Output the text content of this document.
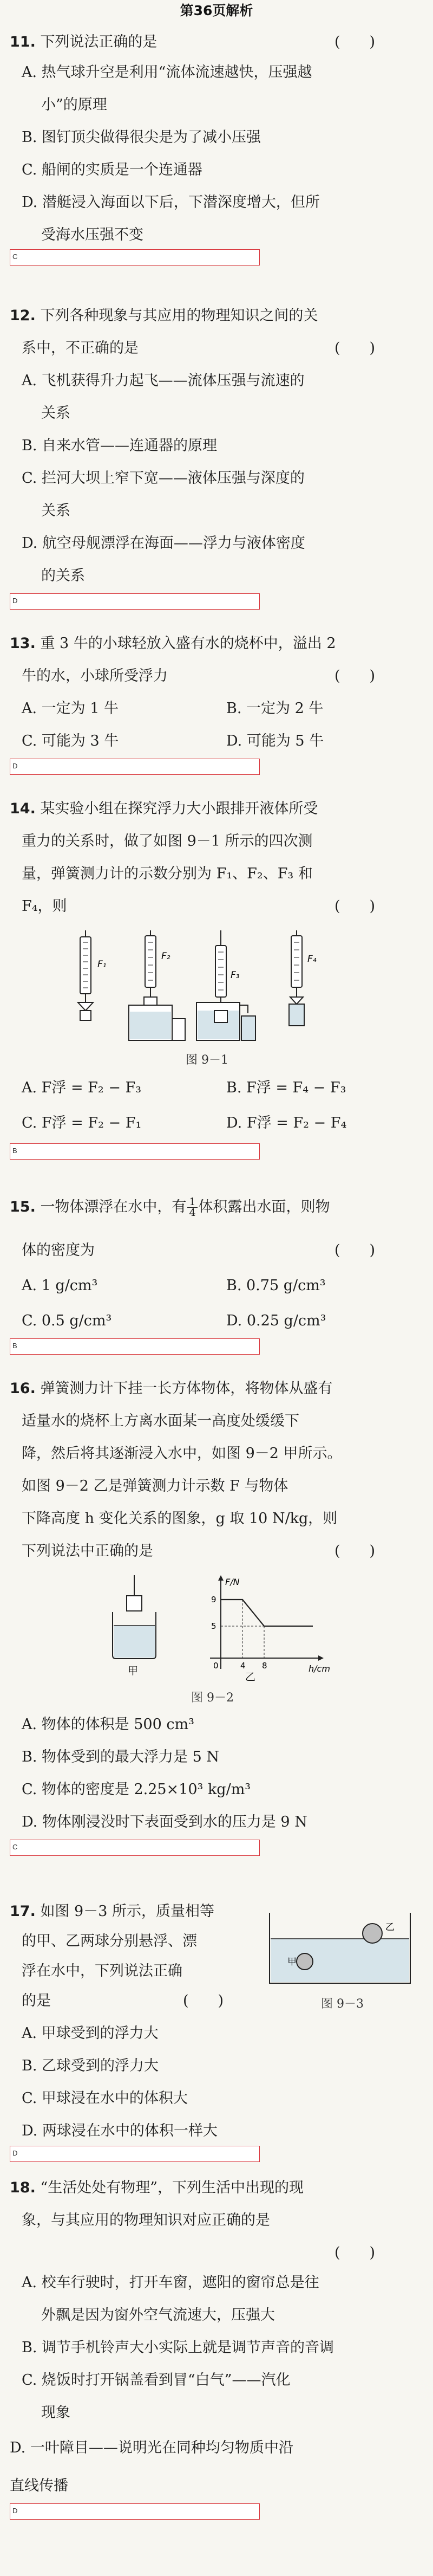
第36页解析
11. 下列说法正确的是	(　　)
A. 热气球升空是利用“流体流速越快，压强越
小”的原理
B. 图钉顶尖做得很尖是为了减小压强
C. 船闸的实质是一个连通器
D. 潜艇浸入海面以下后，下潜深度增大，但所
受海水压强不变
C
12. 下列各种现象与其应用的物理知识之间的关
系中，不正确的是	(　　)
A. 飞机获得升力起飞——流体压强与流速的
关系
B. 自来水管——连通器的原理
C. 拦河大坝上窄下宽——液体压强与深度的
关系
D. 航空母舰漂浮在海面——浮力与液体密度
的关系
D
13. 重 3 牛的小球轻放入盛有水的烧杯中，溢出 2
牛的水，小球所受浮力	(　　)
A. 一定为 1 牛	B. 一定为 2 牛
C. 可能为 3 牛	D. 可能为 5 牛
D
14. 某实验小组在探究浮力大小跟排开液体所受
重力的关系时，做了如图 9－1 所示的四次测
量，弹簧测力计的示数分别为 F₁、F₂、F₃ 和
F₄，则	(　　)
F₁
F₂
F₃
F₄
图 9－1
A. F浮 = F₂ − F₃	B. F浮 = F₄ − F₃
C. F浮 = F₂ − F₁	D. F浮 = F₂ − F₄
B
15. 一物体漂浮在水中，有 $\frac{1}{4}$ 体积露出水面，则物
体的密度为	(　　)
A. 1 g/cm³	B. 0.75 g/cm³
C. 0.5 g/cm³	D. 0.25 g/cm³
B
16. 弹簧测力计下挂一长方体物体，将物体从盛有
适量水的烧杯上方离水面某一高度处缓缓下
降，然后将其逐渐浸入水中，如图 9－2 甲所示。
如图 9－2 乙是弹簧测力计示数 F 与物体
下降高度 h 变化关系的图象，g 取 10 N/kg，则
下列说法中正确的是	(　　)
甲
F/N
h/cm
9
5
0	4 8
乙
图 9－2
A. 物体的体积是 500 cm³
B. 物体受到的最大浮力是 5 N
C. 物体的密度是 2.25×10³ kg/m³
D. 物体刚浸没时下表面受到水的压力是 9 N
C
17. 如图 9－3 所示，质量相等
的甲、乙两球分别悬浮、漂
浮在水中，下列说法正确
的是	(　　)
甲
乙
图 9－3
A. 甲球受到的浮力大
B. 乙球受到的浮力大
C. 甲球浸在水中的体积大
D. 两球浸在水中的体积一样大
D
18. “生活处处有物理”，下列生活中出现的现
象，与其应用的物理知识对应正确的是
(　　)
A. 校车行驶时，打开车窗，遮阳的窗帘总是往
外飘是因为窗外空气流速大，压强大
B. 调节手机铃声大小实际上就是调节声音的音调
C. 烧饭时打开锅盖看到冒“白气”——汽化
现象
D. 一叶障目——说明光在同种均匀物质中沿
直线传播
D
